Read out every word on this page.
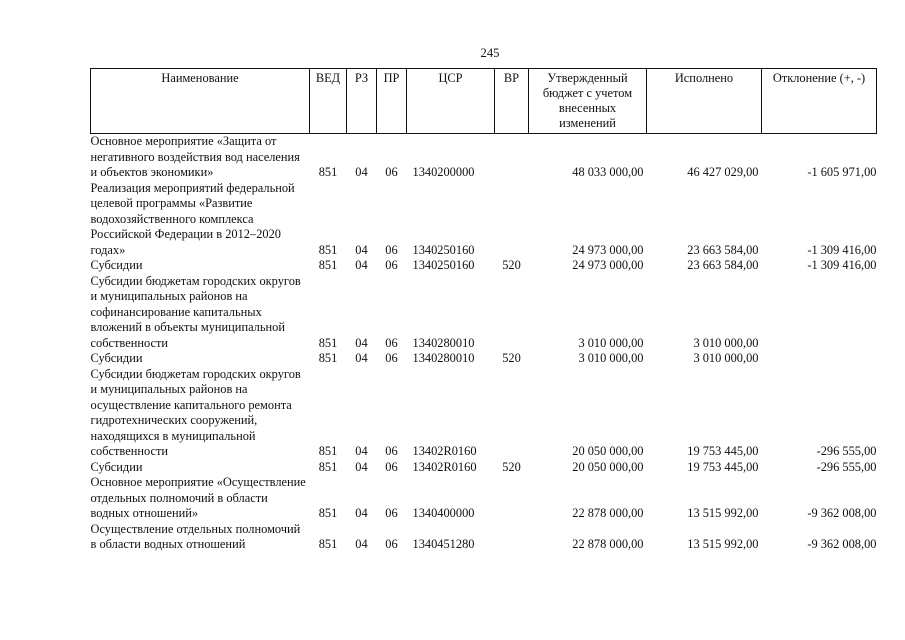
245
Наименование	ВЕД	РЗ	ПР	ЦСР	ВР	Утвержденный бюджет с учетом внесенных изменений	Исполнено	Отклонение (+, -)
Основное мероприятие «Защита от негативного воздействия вод населения и объектов экономики»	851	04	06	1340200000		48 033 000,00	46 427 029,00	-1 605 971,00
Реализация мероприятий федеральной целевой программы «Развитие водохозяйственного комплекса Российской Федерации в 2012–2020 годах»	851	04	06	1340250160		24 973 000,00	23 663 584,00	-1 309 416,00
Субсидии	851	04	06	1340250160	520	24 973 000,00	23 663 584,00	-1 309 416,00
Субсидии бюджетам городских округов и муниципальных районов на софинансирование капитальных вложений в объекты муниципальной собственности	851	04	06	1340280010		3 010 000,00	3 010 000,00	
Субсидии	851	04	06	1340280010	520	3 010 000,00	3 010 000,00	
Субсидии бюджетам городских округов и муниципальных районов на осуществление капитального ремонта гидротехнических сооружений, находящихся в муниципальной собственности	851	04	06	13402R0160		20 050 000,00	19 753 445,00	-296 555,00
Субсидии	851	04	06	13402R0160	520	20 050 000,00	19 753 445,00	-296 555,00
Основное мероприятие «Осуществление отдельных полномочий в области водных отношений»	851	04	06	1340400000		22 878 000,00	13 515 992,00	-9 362 008,00
Осуществление отдельных полномочий в области водных отношений	851	04	06	1340451280		22 878 000,00	13 515 992,00	-9 362 008,00
